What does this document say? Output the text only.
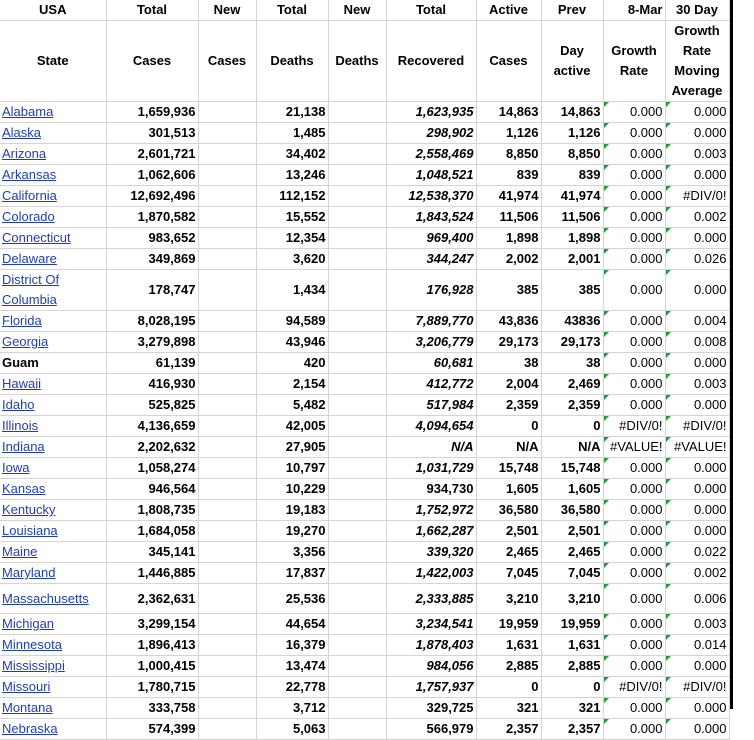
USA	Total	New	Total	New	Total	Active	Prev	8-Mar	30 Day
State	Cases	Cases	Deaths	Deaths	Recovered	Cases	Day active	Growth Rate	Growth Rate Moving Average
Alabama	1,659,936		21,138		1,623,935	14,863	14,863	0.000	0.000
Alaska	301,513		1,485		298,902	1,126	1,126	0.000	0.000
Arizona	2,601,721		34,402		2,558,469	8,850	8,850	0.000	0.003
Arkansas	1,062,606		13,246		1,048,521	839	839	0.000	0.000
California	12,692,496		112,152		12,538,370	41,974	41,974	0.000	#DIV/0!
Colorado	1,870,582		15,552		1,843,524	11,506	11,506	0.000	0.002
Connecticut	983,652		12,354		969,400	1,898	1,898	0.000	0.000
Delaware	349,869		3,620		344,247	2,002	2,001	0.000	0.026
District Of Columbia	178,747		1,434		176,928	385	385	0.000	0.000
Florida	8,028,195		94,589		7,889,770	43,836	43836	0.000	0.004
Georgia	3,279,898		43,946		3,206,779	29,173	29,173	0.000	0.008
Guam	61,139		420		60,681	38	38	0.000	0.000
Hawaii	416,930		2,154		412,772	2,004	2,469	0.000	0.003
Idaho	525,825		5,482		517,984	2,359	2,359	0.000	0.000
Illinois	4,136,659		42,005		4,094,654	0	0	#DIV/0!	#DIV/0!
Indiana	2,202,632		27,905		N/A	N/A	N/A	#VALUE!	#VALUE!
Iowa	1,058,274		10,797		1,031,729	15,748	15,748	0.000	0.000
Kansas	946,564		10,229		934,730	1,605	1,605	0.000	0.000
Kentucky	1,808,735		19,183		1,752,972	36,580	36,580	0.000	0.000
Louisiana	1,684,058		19,270		1,662,287	2,501	2,501	0.000	0.000
Maine	345,141		3,356		339,320	2,465	2,465	0.000	0.022
Maryland	1,446,885		17,837		1,422,003	7,045	7,045	0.000	0.002
Massachusetts	2,362,631		25,536		2,333,885	3,210	3,210	0.000	0.006
Michigan	3,299,154		44,654		3,234,541	19,959	19,959	0.000	0.003
Minnesota	1,896,413		16,379		1,878,403	1,631	1,631	0.000	0.014
Mississippi	1,000,415		13,474		984,056	2,885	2,885	0.000	0.000
Missouri	1,780,715		22,778		1,757,937	0	0	#DIV/0!	#DIV/0!
Montana	333,758		3,712		329,725	321	321	0.000	0.000
Nebraska	574,399		5,063		566,979	2,357	2,357	0.000	0.000
